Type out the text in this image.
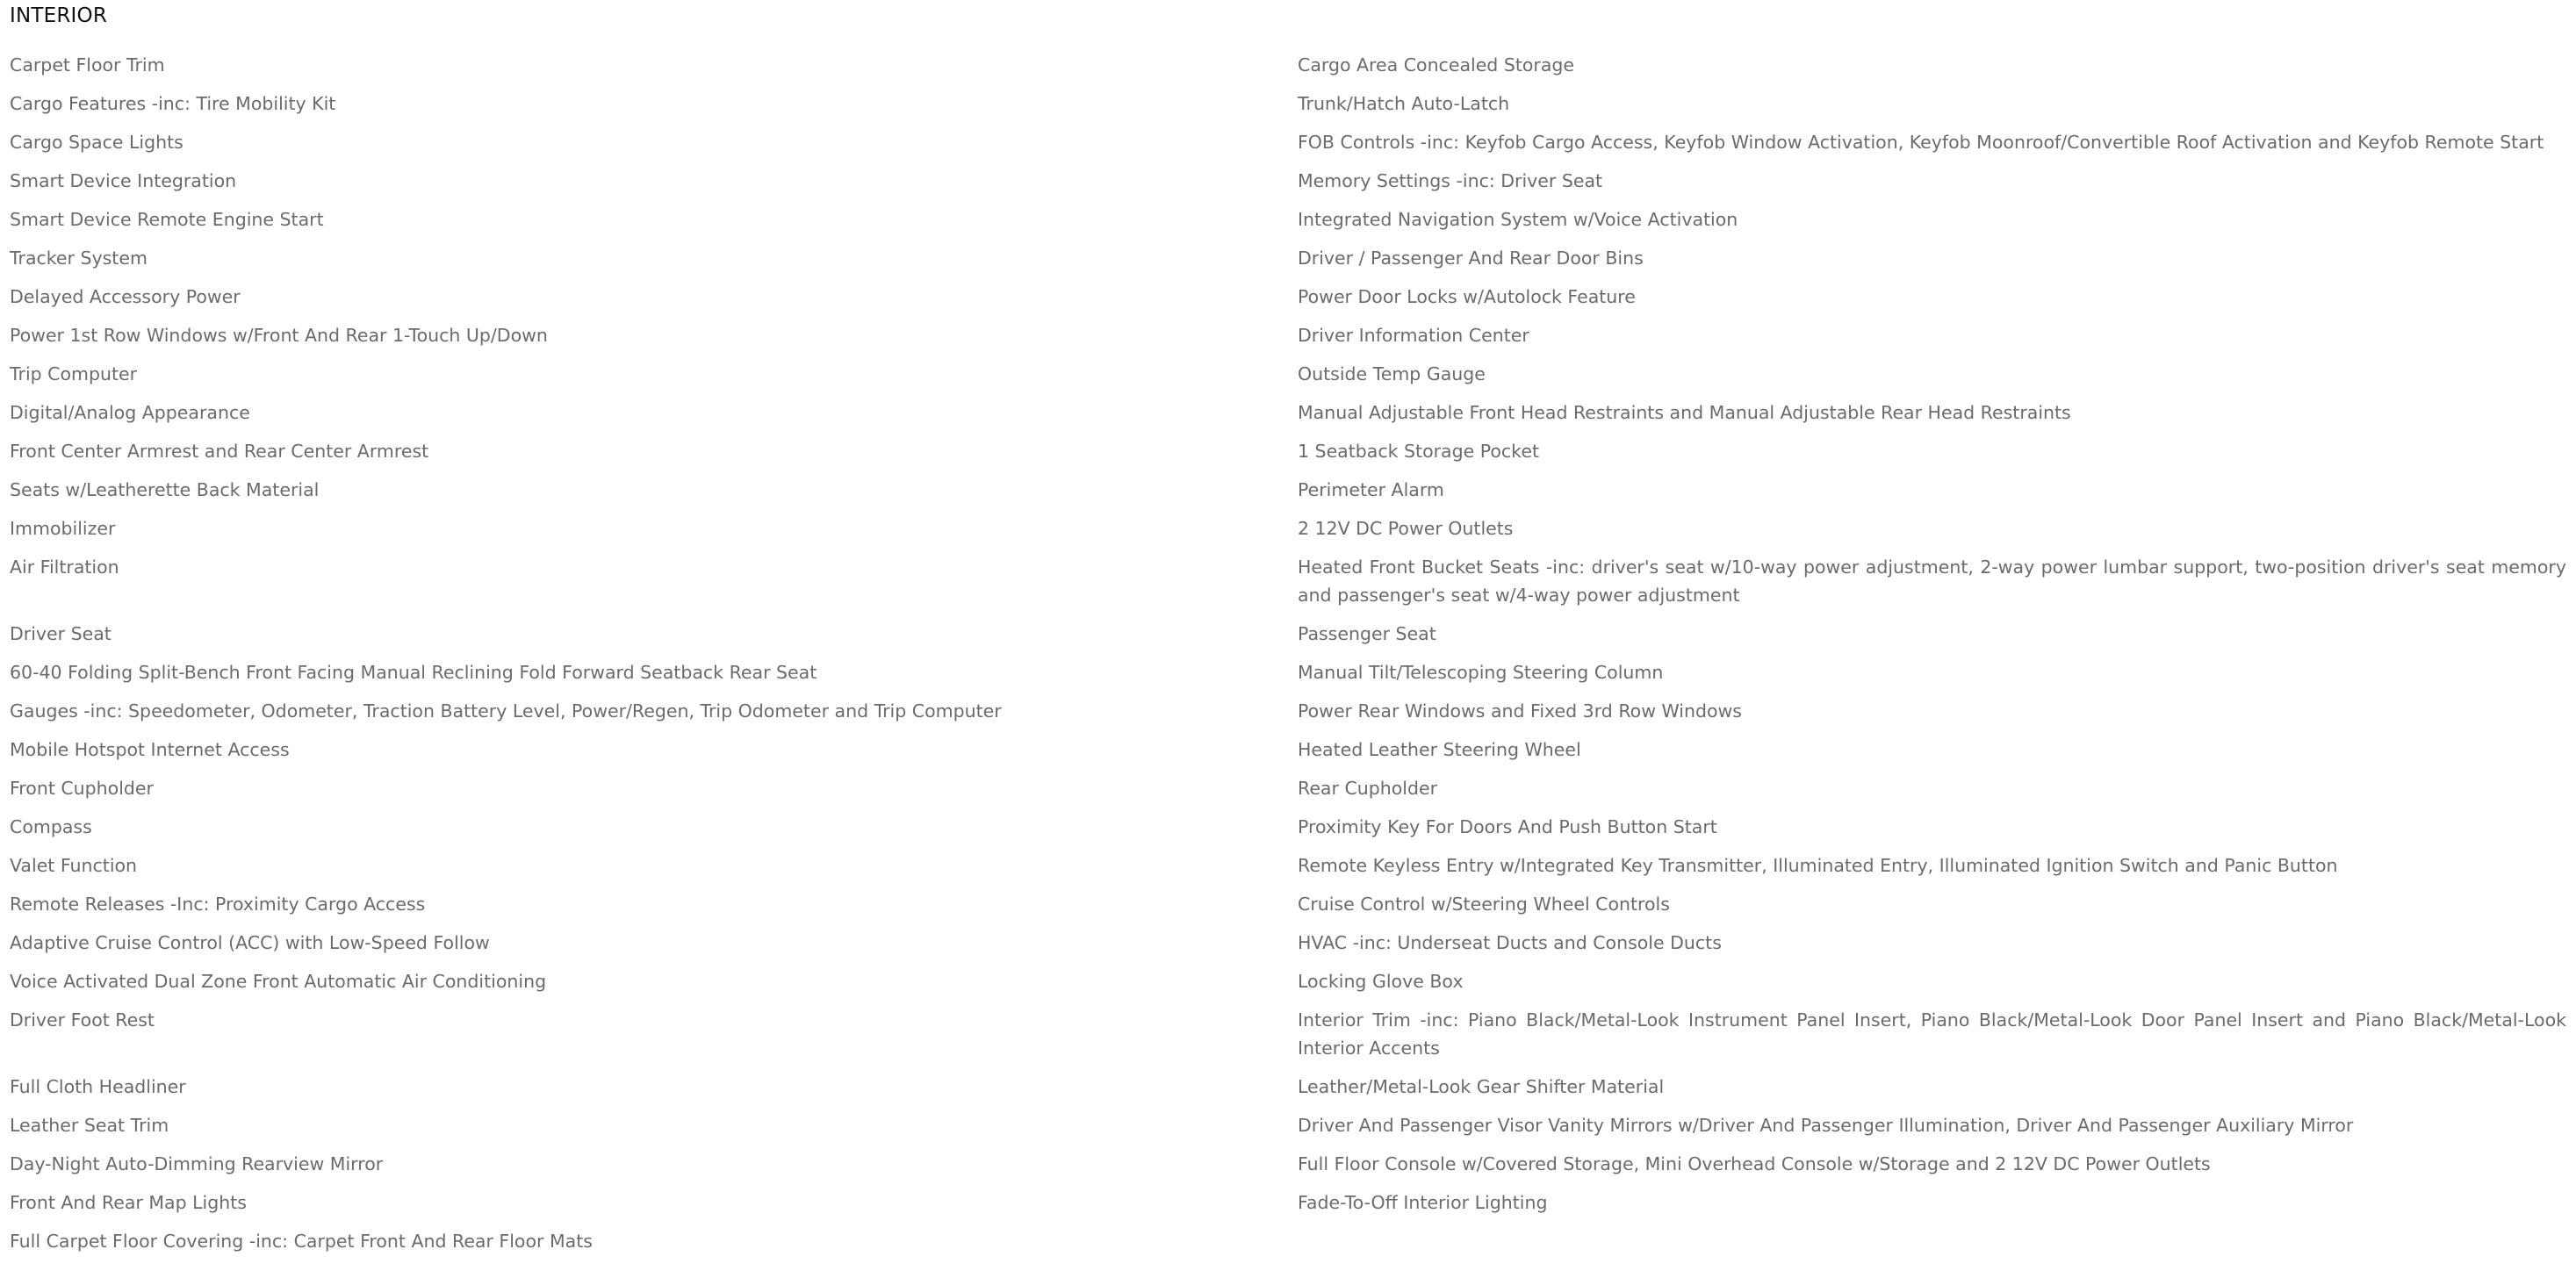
INTERIOR
Carpet Floor Trim	Cargo Area Concealed Storage
Cargo Features -inc: Tire Mobility Kit	Trunk/Hatch Auto-Latch
Cargo Space Lights	FOB Controls -inc: Keyfob Cargo Access, Keyfob Window Activation, Keyfob Moonroof/Convertible Roof Activation and Keyfob Remote Start
Smart Device Integration	Memory Settings -inc: Driver Seat
Smart Device Remote Engine Start	Integrated Navigation System w/Voice Activation
Tracker System	Driver / Passenger And Rear Door Bins
Delayed Accessory Power	Power Door Locks w/Autolock Feature
Power 1st Row Windows w/Front And Rear 1-Touch Up/Down	Driver Information Center
Trip Computer	Outside Temp Gauge
Digital/Analog Appearance	Manual Adjustable Front Head Restraints and Manual Adjustable Rear Head Restraints
Front Center Armrest and Rear Center Armrest	1 Seatback Storage Pocket
Seats w/Leatherette Back Material	Perimeter Alarm
Immobilizer	2 12V DC Power Outlets
Air Filtration	Heated Front Bucket Seats -inc: driver's seat w/10-way power adjustment, 2-way power lumbar support, two-position driver's seat memory and passenger's seat w/4-way power adjustment
Driver Seat	Passenger Seat
60-40 Folding Split-Bench Front Facing Manual Reclining Fold Forward Seatback Rear Seat	Manual Tilt/Telescoping Steering Column
Gauges -inc: Speedometer, Odometer, Traction Battery Level, Power/Regen, Trip Odometer and Trip Computer	Power Rear Windows and Fixed 3rd Row Windows
Mobile Hotspot Internet Access	Heated Leather Steering Wheel
Front Cupholder	Rear Cupholder
Compass	Proximity Key For Doors And Push Button Start
Valet Function	Remote Keyless Entry w/Integrated Key Transmitter, Illuminated Entry, Illuminated Ignition Switch and Panic Button
Remote Releases -Inc: Proximity Cargo Access	Cruise Control w/Steering Wheel Controls
Adaptive Cruise Control (ACC) with Low-Speed Follow	HVAC -inc: Underseat Ducts and Console Ducts
Voice Activated Dual Zone Front Automatic Air Conditioning	Locking Glove Box
Driver Foot Rest	Interior Trim -inc: Piano Black/Metal-Look Instrument Panel Insert, Piano Black/Metal-Look Door Panel Insert and Piano Black/Metal-Look Interior Accents
Full Cloth Headliner	Leather/Metal-Look Gear Shifter Material
Leather Seat Trim	Driver And Passenger Visor Vanity Mirrors w/Driver And Passenger Illumination, Driver And Passenger Auxiliary Mirror
Day-Night Auto-Dimming Rearview Mirror	Full Floor Console w/Covered Storage, Mini Overhead Console w/Storage and 2 12V DC Power Outlets
Front And Rear Map Lights	Fade-To-Off Interior Lighting
Full Carpet Floor Covering -inc: Carpet Front And Rear Floor Mats
